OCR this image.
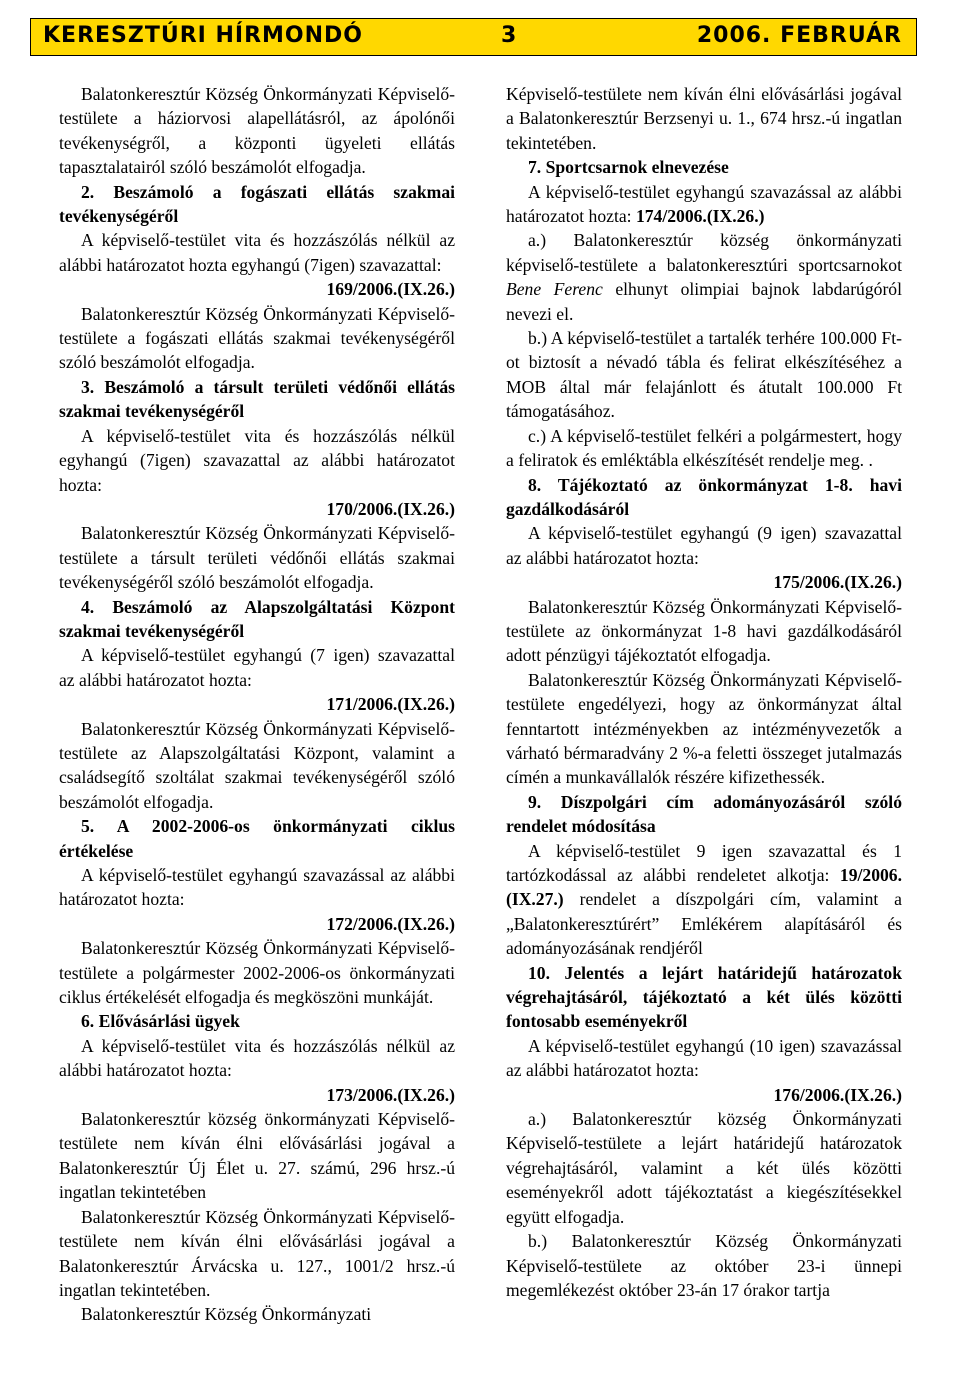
KERESZTÚRI HÍRMONDÓ	3	2006. FEBRUÁR

Balatonkeresztúr Község Önkormányzati Képviselő-testülete a háziorvosi alapellátásról, az ápolónői tevékenységről, a központi ügyeleti ellátás tapasztalatairól szóló beszámolót elfogadja.

2. Beszámoló a fogászati ellátás szakmai tevékenységéről

A képviselő-testület vita és hozzászólás nélkül az alábbi határozatot hozta egyhangú (7igen) szavazattal:

169/2006.(IX.26.)

Balatonkeresztúr Község Önkormányzati Képviselő-testülete a fogászati ellátás szakmai tevékenységéről szóló beszámolót elfogadja.

3. Beszámoló a társult területi védőnői ellátás szakmai tevékenységéről

A képviselő-testület vita és hozzászólás nélkül egyhangú (7igen) szavazattal az alábbi határozatot hozta:

170/2006.(IX.26.)

Balatonkeresztúr Község Önkormányzati Képviselő-testülete a társult területi védőnői ellátás szakmai tevékenységéről szóló beszámolót elfogadja.

4. Beszámoló az Alapszolgáltatási Központ szakmai tevékenységéről

A képviselő-testület egyhangú (7 igen) szavazattal az alábbi határozatot hozta:

171/2006.(IX.26.)

Balatonkeresztúr Község Önkormányzati Képviselő-testülete az Alapszolgáltatási Központ, valamint a családsegítő szoltálat szakmai tevékenységéről szóló beszámolót elfogadja.

5. A 2002-2006-os önkormányzati ciklus értékelése

A képviselő-testület egyhangú szavazással az alábbi határozatot hozta:

172/2006.(IX.26.)

Balatonkeresztúr Község Önkormányzati Képviselő-testülete a polgármester 2002-2006-os önkormányzati ciklus értékelését elfogadja és megköszöni munkáját.

6. Elővásárlási ügyek

A képviselő-testület vita és hozzászólás nélkül az alábbi határozatot hozta:

173/2006.(IX.26.)

Balatonkeresztúr község önkormányzati Képviselő-testülete nem kíván élni elővásárlási jogával a Balatonkeresztúr Új Élet u. 27. számú, 296 hrsz.-ú ingatlan tekintetében

Balatonkeresztúr Község Önkormányzati Képviselő-testülete nem kíván élni elővásárlási jogával a Balatonkeresztúr Árvácska u. 127., 1001/2 hrsz.-ú ingatlan tekintetében.

Balatonkeresztúr Község Önkormányzati

Képviselő-testülete nem kíván élni elővásárlási jogával a Balatonkeresztúr Berzsenyi u. 1., 674 hrsz.-ú ingatlan tekintetében.

7. Sportcsarnok elnevezése

A képviselő-testület egyhangú szavazással az alábbi határozatot hozta: 174/2006.(IX.26.)

a.) Balatonkeresztúr község önkormányzati képviselő-testülete a balatonkeresztúri sportcsarnokot Bene Ferenc elhunyt olimpiai bajnok labdarúgóról nevezi el.

b.) A képviselő-testület a tartalék terhére 100.000 Ft-ot biztosít a névadó tábla és felirat elkészítéséhez a MOB által már felajánlott és átutalt 100.000 Ft támogatásához.

c.) A képviselő-testület felkéri a polgármestert, hogy a feliratok és emléktábla elkészítését rendelje meg. .

8. Tájékoztató az önkormányzat 1-8. havi gazdálkodásáról

A képviselő-testület egyhangú (9 igen) szavazattal az alábbi határozatot hozta:

175/2006.(IX.26.)

Balatonkeresztúr Község Önkormányzati Képviselő-testülete az önkormányzat 1-8 havi gazdálkodásáról adott pénzügyi tájékoztatót elfogadja.

Balatonkeresztúr Község Önkormányzati Képviselő-testülete engedélyezi, hogy az önkormányzat által fenntartott intézményekben az intézményvezetők a várható bérmaradvány 2 %-a feletti összeget jutalmazás címén a munkavállalók részére kifizethessék.

9. Díszpolgári cím adományozásáról szóló rendelet módosítása

A képviselő-testület 9 igen szavazattal és 1 tartózkodással az alábbi rendeletet alkotja: 19/2006.(IX.27.) rendelet a díszpolgári cím, valamint a „Balatonkeresztúrért” Emlékérem alapításáról és adományozásának rendjéről

10. Jelentés a lejárt határidejű határozatok végrehajtásáról, tájékoztató a két ülés közötti fontosabb eseményekről

A képviselő-testület egyhangú (10 igen) szavazással az alábbi határozatot hozta:

176/2006.(IX.26.)

a.) Balatonkeresztúr község Önkormányzati Képviselő-testülete a lejárt határidejű határozatok végrehajtásáról, valamint a két ülés közötti eseményekről adott tájékoztatást a kiegészítésekkel együtt elfogadja.

b.) Balatonkeresztúr Község Önkormányzati Képviselő-testülete az október 23-i ünnepi megemlékezést október 23-án 17 órakor tartja
